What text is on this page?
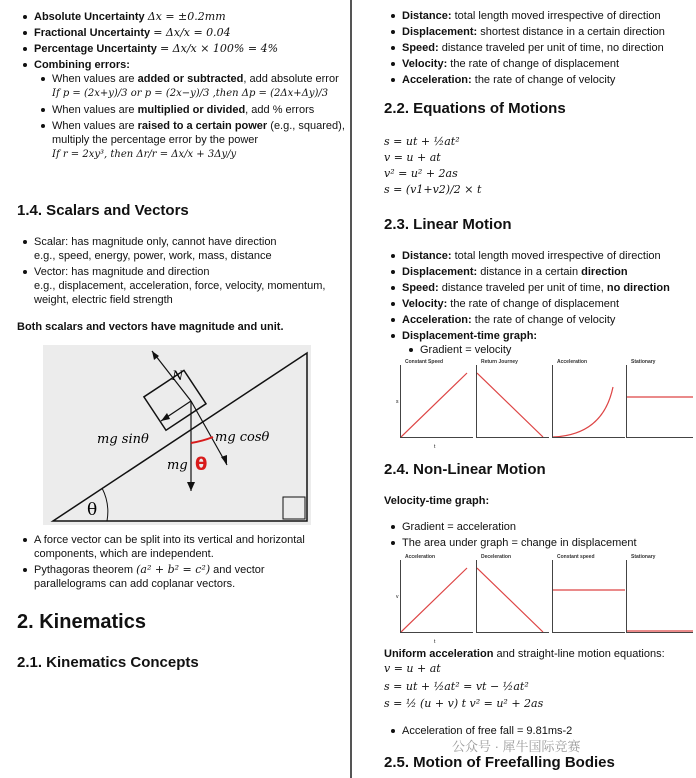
Absolute Uncertainty Δx = ±0.2mm
Fractional Uncertainty = Δx/x = 0.04
Percentage Uncertainty = Δx/x × 100% = 4%
Combining errors:
When values are added or subtracted, add absolute error
If p = (2x+y)/3 or p = (2x−y)/3 ,then Δp = (2Δx+Δy)/3
When values are multiplied or divided, add % errors
When values are raised to a certain power (e.g., squared), multiply the percentage error by the power
If r = 2xy³, then Δr/r = Δx/x + 3Δy/y
1.4. Scalars and Vectors
Scalar: has magnitude only, cannot have direction
e.g., speed, energy, power, work, mass, distance
Vector: has magnitude and direction
e.g., displacement, acceleration, force, velocity, momentum, weight, electric field strength
Both scalars and vectors have magnitude and unit.
N
mg sinθ	mg cosθ
mg θ
θ
A force vector can be split into its vertical and horizontal components, which are independent.
Pythagoras theorem (a² + b² = c²) and vector parallelograms can add coplanar vectors.
2. Kinematics
2.1. Kinematics Concepts
Distance: total length moved irrespective of direction
Displacement: shortest distance in a certain direction
Speed: distance traveled per unit of time, no direction
Velocity: the rate of change of displacement
Acceleration: the rate of change of velocity
2.2. Equations of Motions
s = ut + ½at²
v = u + at
v² = u² + 2as
s = (v1+v2)/2 × t
2.3. Linear Motion
Distance: total length moved irrespective of direction
Displacement: distance in a certain direction
Speed: distance traveled per unit of time, no direction
Velocity: the rate of change of displacement
Acceleration: the rate of change of velocity
Displacement-time graph:
Gradient = velocity
Constant Speed	Return Journey	Acceleration	Stationary
s
t
2.4. Non-Linear Motion
Velocity-time graph:
Gradient = acceleration
The area under graph = change in displacement
Acceleration	Deceleration	Constant speed	Stationary
v
t
Uniform acceleration and straight-line motion equations:
v = u + at
s = ut + ½at² = vt − ½at²
s = ½ (u + v) t v² = u² + 2as
Acceleration of free fall = 9.81ms-2
2.5. Motion of Freefalling Bodies
公众号 · 犀牛国际竞赛
